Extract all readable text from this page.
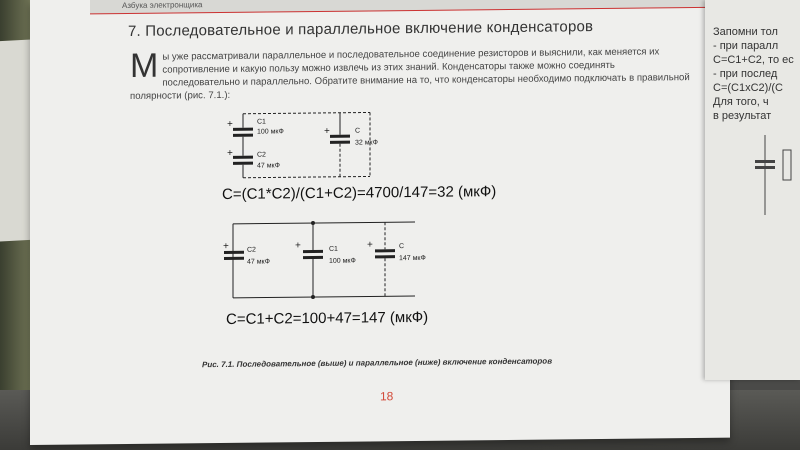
Азбука электронщика
7. Последовательное и параллельное включение конденсаторов
М ы уже рассматривали параллельное и последовательное соединение резисторов и выяснили, как меняется их сопротивление и какую пользу можно извлечь из этих знаний. Конденсаторы также можно соединять последовательно и параллельно. Обратите внимание на то, что конденсаторы необходимо подключать в правильной полярности (рис. 7.1.):
+
+
+
C1
100 мкФ
C2
47 мкФ
C
32 мкФ
C=(C1*C2)/(C1+C2)=4700/147=32 (мкФ)
+	+	+
C2
47 мкФ
C1
100 мкФ
C
147 мкФ
C=C1+C2=100+47=147 (мкФ)
Рис. 7.1. Последовательное (выше) и параллельное (ниже) включение конденсаторов
18
Запомни тол
- при паралл
C=C1+C2, то ес
- при послед
C=(C1xC2)/(C
Для того, ч
в результат
